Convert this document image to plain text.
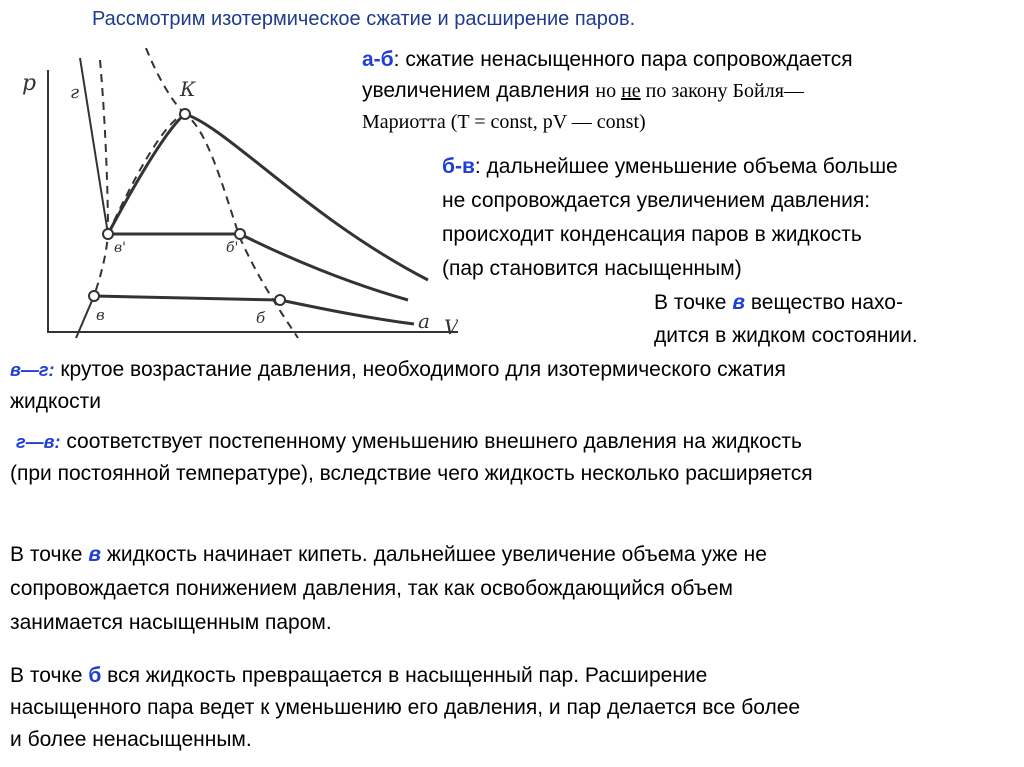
Рассмотрим изотермическое сжатие и расширение паров.

p
V
г	К
в'	б'
в	б	а
а-б: сжатие ненасыщенного пара сопровождается
увеличением давления но не по закону Бойля—
Мариотта (T = const, pV — const)
б-в: дальнейшее уменьшение объема больше
не сопровождается увеличением давления:
происходит конденсация паров в жидкость
(пар становится насыщенным)
В точке в вещество нахо-
дится в жидком состоянии.
в—г: крутое возрастание давления, необходимого для изотермического сжатия
жидкости
г—в: соответствует постепенному уменьшению внешнего давления на жидкость
(при постоянной температуре), вследствие чего жидкость несколько расширяется
В точке в жидкость начинает кипеть. дальнейшее увеличение объема уже не
сопровождается понижением давления, так как освобождающийся объем
занимается насыщенным паром.
В точке б вся жидкость превращается в насыщенный пар. Расширение
насыщенного пара ведет к уменьшению его давления, и пар делается все более
и более ненасыщенным.
